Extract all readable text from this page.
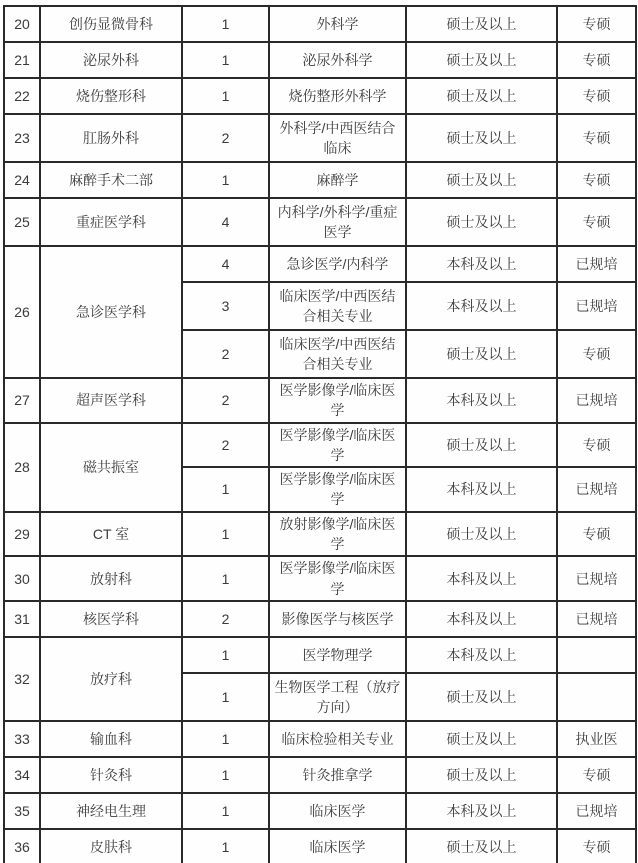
20	创伤显微骨科	1	外科学	硕士及以上	专硕
21	泌尿外科	1	泌尿外科学	硕士及以上	专硕
22	烧伤整形科	1	烧伤整形外科学	硕士及以上	专硕
23	肛肠外科	2	外科学/中西医结合临床	硕士及以上	专硕
24	麻醉手术二部	1	麻醉学	硕士及以上	专硕
25	重症医学科	4	内科学/外科学/重症医学	硕士及以上	专硕
26	急诊医学科	4	急诊医学/内科学	本科及以上	已规培
		3	临床医学/中西医结合相关专业	本科及以上	已规培
		2	临床医学/中西医结合相关专业	硕士及以上	专硕
27	超声医学科	2	医学影像学/临床医学	本科及以上	已规培
28	磁共振室	2	医学影像学/临床医学	硕士及以上	专硕
		1	医学影像学/临床医学	本科及以上	已规培
29	CT 室	1	放射影像学/临床医学	硕士及以上	专硕
30	放射科	1	医学影像学/临床医学	本科及以上	已规培
31	核医学科	2	影像医学与核医学	本科及以上	已规培
32	放疗科	1	医学物理学	本科及以上	
		1	生物医学工程（放疗方向）	硕士及以上	
33	输血科	1	临床检验相关专业	硕士及以上	执业医
34	针灸科	1	针灸推拿学	硕士及以上	专硕
35	神经电生理	1	临床医学	本科及以上	已规培
36	皮肤科	1	临床医学	硕士及以上	专硕
